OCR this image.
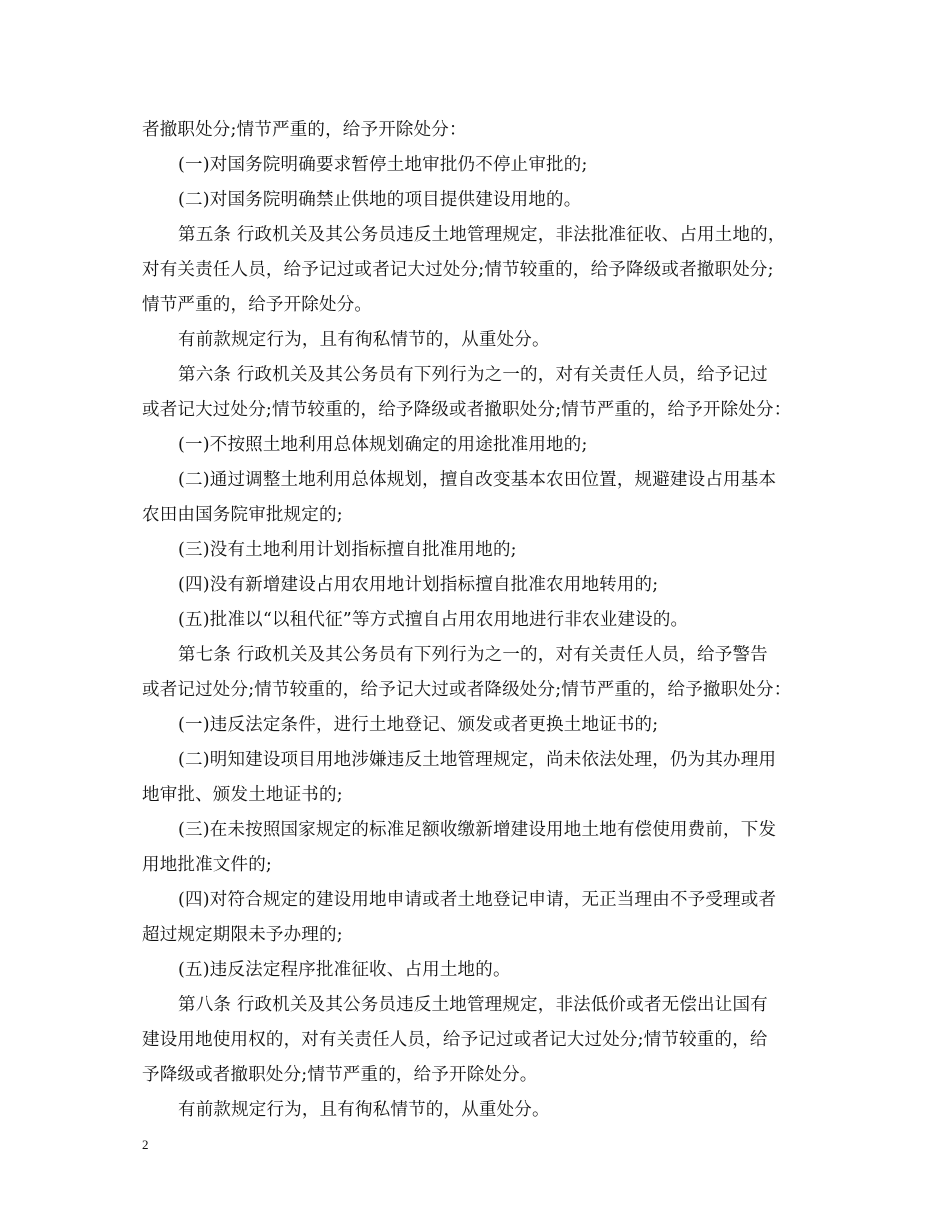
者撤职处分;情节严重的，给予开除处分：
(一)对国务院明确要求暂停土地审批仍不停止审批的;
(二)对国务院明确禁止供地的项目提供建设用地的。
第五条 行政机关及其公务员违反土地管理规定，非法批准征收、占用土地的，
对有关责任人员，给予记过或者记大过处分;情节较重的，给予降级或者撤职处分;
情节严重的，给予开除处分。
有前款规定行为，且有徇私情节的，从重处分。
第六条 行政机关及其公务员有下列行为之一的，对有关责任人员，给予记过
或者记大过处分;情节较重的，给予降级或者撤职处分;情节严重的，给予开除处分：
(一)不按照土地利用总体规划确定的用途批准用地的;
(二)通过调整土地利用总体规划，擅自改变基本农田位置，规避建设占用基本
农田由国务院审批规定的;
(三)没有土地利用计划指标擅自批准用地的;
(四)没有新增建设占用农用地计划指标擅自批准农用地转用的;
(五)批准以“以租代征”等方式擅自占用农用地进行非农业建设的。
第七条 行政机关及其公务员有下列行为之一的，对有关责任人员，给予警告
或者记过处分;情节较重的，给予记大过或者降级处分;情节严重的，给予撤职处分：
(一)违反法定条件，进行土地登记、颁发或者更换土地证书的;
(二)明知建设项目用地涉嫌违反土地管理规定，尚未依法处理，仍为其办理用
地审批、颁发土地证书的;
(三)在未按照国家规定的标准足额收缴新增建设用地土地有偿使用费前，下发
用地批准文件的;
(四)对符合规定的建设用地申请或者土地登记申请，无正当理由不予受理或者
超过规定期限未予办理的;
(五)违反法定程序批准征收、占用土地的。
第八条 行政机关及其公务员违反土地管理规定，非法低价或者无偿出让国有
建设用地使用权的，对有关责任人员，给予记过或者记大过处分;情节较重的，给
予降级或者撤职处分;情节严重的，给予开除处分。
有前款规定行为，且有徇私情节的，从重处分。
2
